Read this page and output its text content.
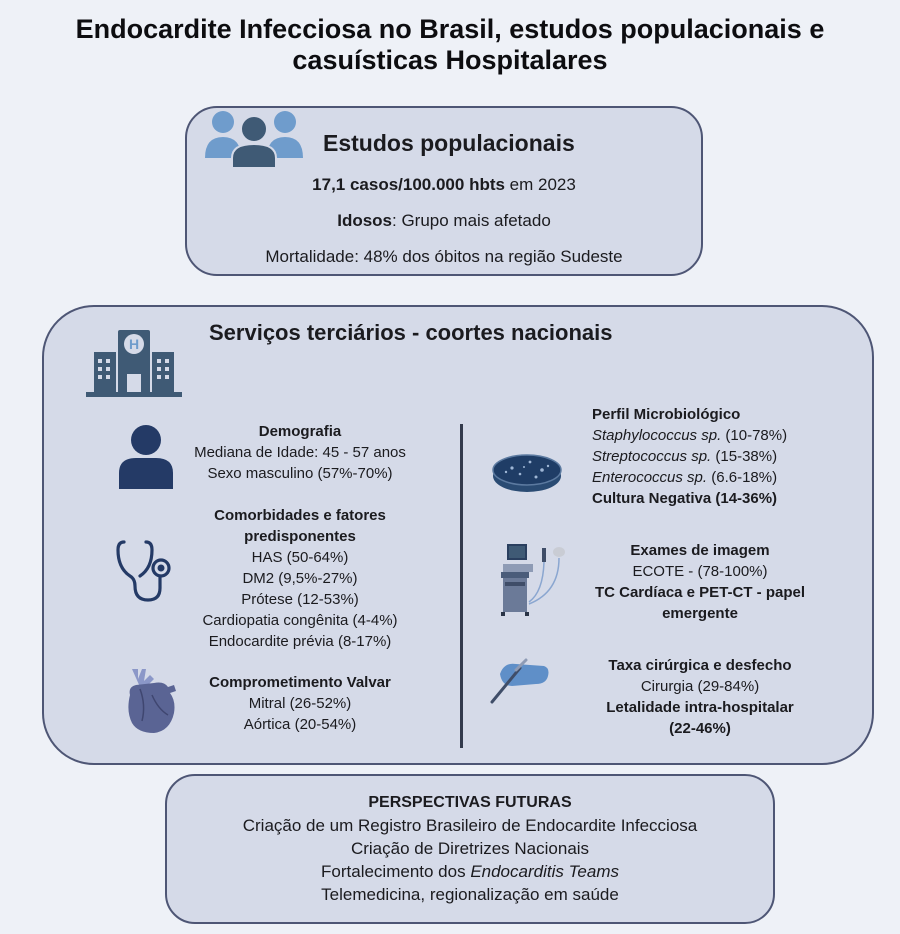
Endocardite Infecciosa no Brasil, estudos populacionais e
casuísticas Hospitalares
Estudos populacionais
17,1 casos/100.000 hbts em 2023
Idosos: Grupo mais afetado
Mortalidade: 48% dos óbitos na região Sudeste
H	Serviços terciários - coortes nacionais
Demografia
Mediana de Idade: 45 - 57 anos
Sexo masculino (57%-70%)
Comorbidades e fatores
predisponentes
HAS (50-64%)
DM2 (9,5%-27%)
Prótese (12-53%)
Cardiopatia congênita (4-4%)
Endocardite prévia (8-17%)
Comprometimento Valvar
Mitral (26-52%)
Aórtica (20-54%)
Perfil Microbiológico
Staphylococcus sp. (10-78%)
Streptococcus sp. (15-38%)
Enterococcus sp. (6.6-18%)
Cultura Negativa (14-36%)
Exames de imagem
ECOTE - (78-100%)
TC Cardíaca e PET-CT - papel
emergente
Taxa cirúrgica e desfecho
Cirurgia (29-84%)
Letalidade intra-hospitalar
(22-46%)
PERSPECTIVAS FUTURAS
Criação de um Registro Brasileiro de Endocardite Infecciosa
Criação de Diretrizes Nacionais
Fortalecimento dos Endocarditis Teams
Telemedicina, regionalização em saúde
